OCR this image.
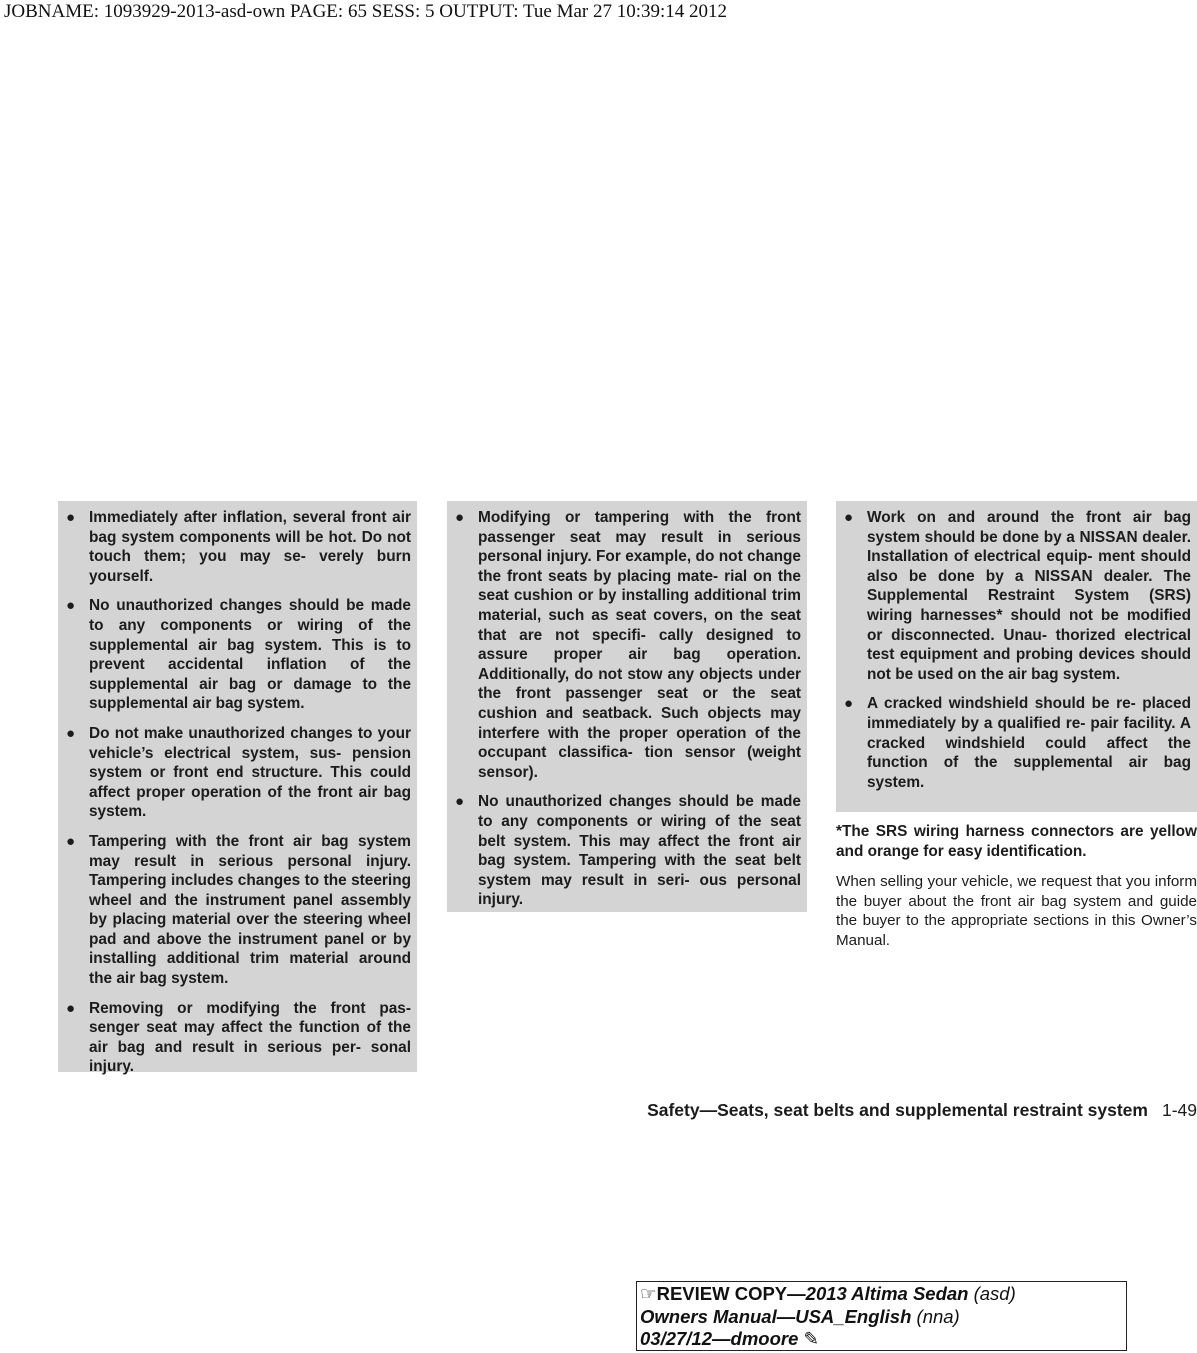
JOBNAME: 1093929-2013-asd-own PAGE: 65 SESS: 5 OUTPUT: Tue Mar 27 10:39:14 2012
● Immediately after inflation, several front air bag system components will be hot. Do not touch them; you may se- verely burn yourself.
● No unauthorized changes should be made to any components or wiring of the supplemental air bag system. This is to prevent accidental inflation of the supplemental air bag or damage to the supplemental air bag system.
● Do not make unauthorized changes to your vehicle’s electrical system, sus- pension system or front end structure. This could affect proper operation of the front air bag system.
● Tampering with the front air bag system may result in serious personal injury. Tampering includes changes to the steering wheel and the instrument panel assembly by placing material over the steering wheel pad and above the instrument panel or by installing additional trim material around the air bag system.
● Removing or modifying the front pas- senger seat may affect the function of the air bag and result in serious per- sonal injury.
● Modifying or tampering with the front passenger seat may result in serious personal injury. For example, do not change the front seats by placing mate- rial on the seat cushion or by installing additional trim material, such as seat covers, on the seat that are not specifi- cally designed to assure proper air bag operation. Additionally, do not stow any objects under the front passenger seat or the seat cushion and seatback. Such objects may interfere with the proper operation of the occupant classifica- tion sensor (weight sensor).
● No unauthorized changes should be made to any components or wiring of the seat belt system. This may affect the front air bag system. Tampering with the seat belt system may result in seri- ous personal injury.
● Work on and around the front air bag system should be done by a NISSAN dealer. Installation of electrical equip- ment should also be done by a NISSAN dealer. The Supplemental Restraint System (SRS) wiring harnesses* should not be modified or disconnected. Unau- thorized electrical test equipment and probing devices should not be used on the air bag system.
● A cracked windshield should be re- placed immediately by a qualified re- pair facility. A cracked windshield could affect the function of the supplemental air bag system.

*The SRS wiring harness connectors are yellow and orange for easy identification.

When selling your vehicle, we request that you inform the buyer about the front air bag system and guide the buyer to the appropriate sections in this Owner’s Manual.

Safety—Seats, seat belts and supplemental restraint system 1-49
☞REVIEW COPY—2013 Altima Sedan (asd)
Owners Manual—USA_English (nna)
03/27/12—dmoore ✎
